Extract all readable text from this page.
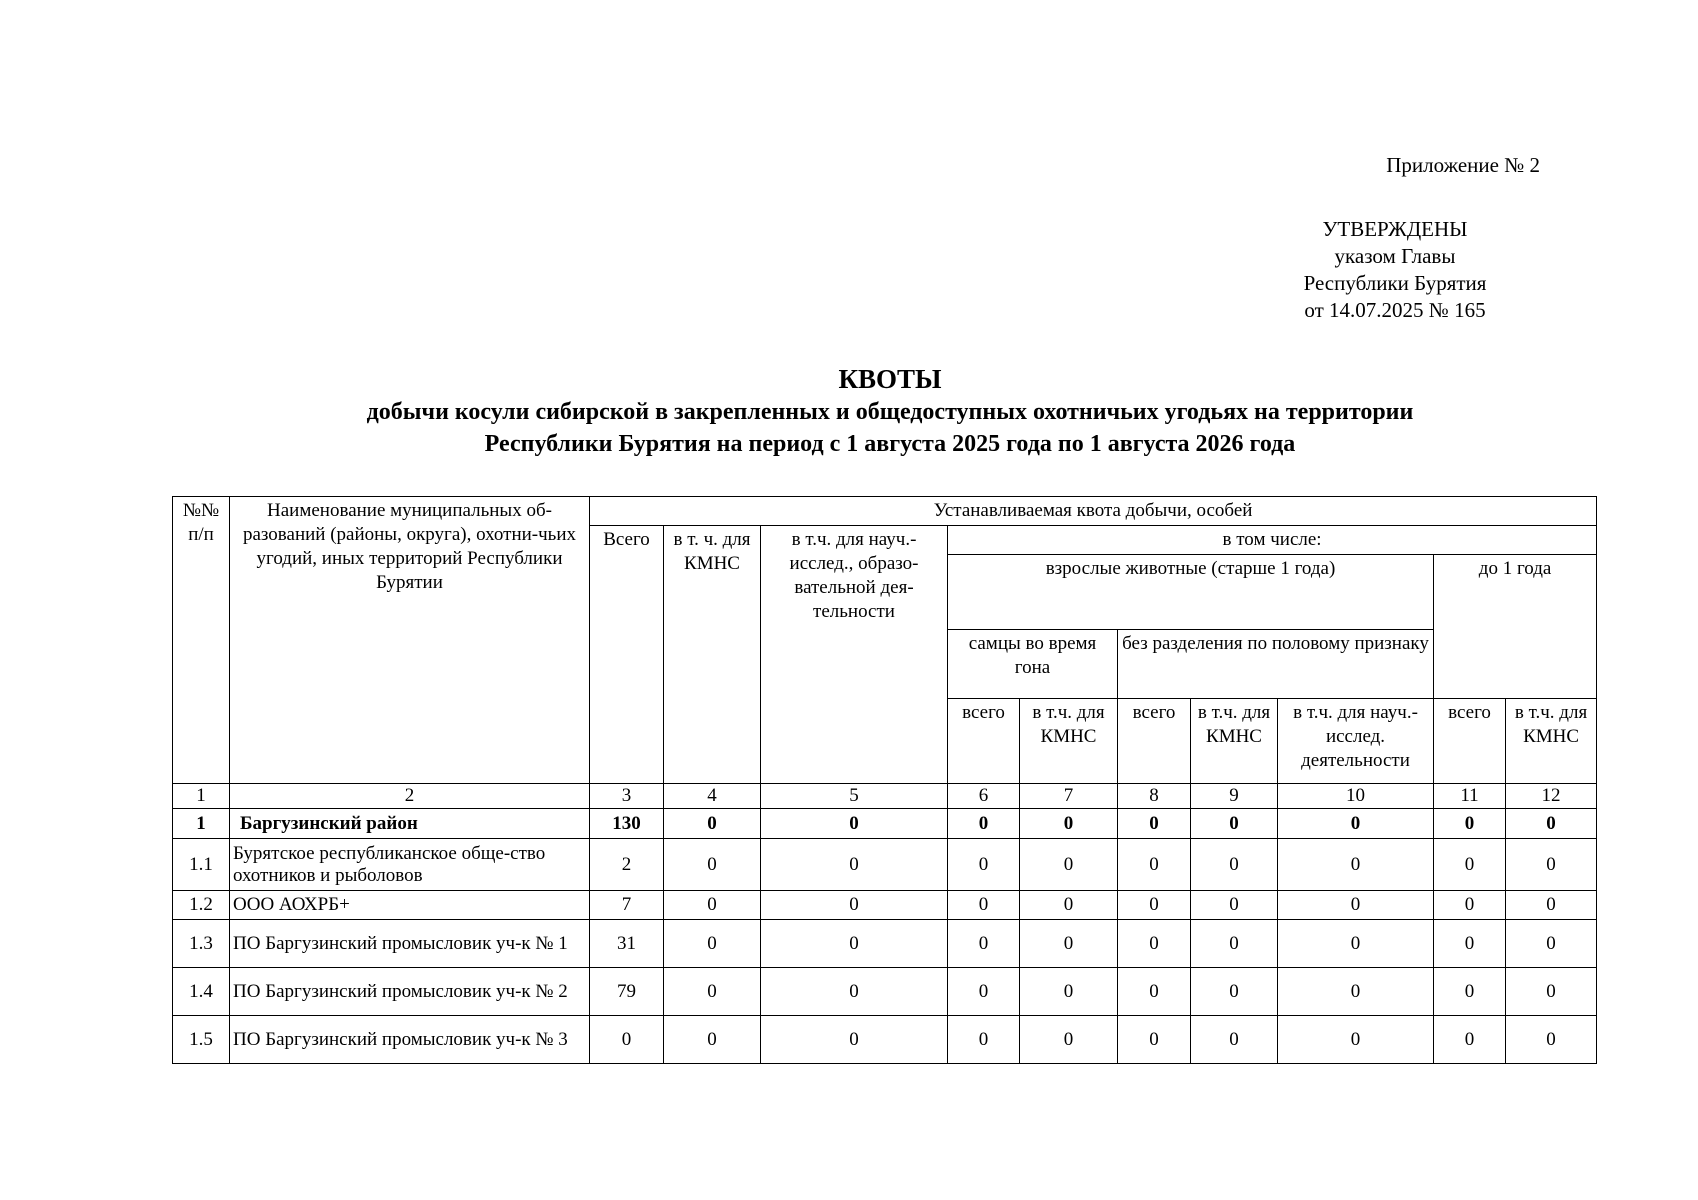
Приложение № 2
УТВЕРЖДЕНЫ
указом Главы
Республики Бурятия
от 14.07.2025 № 165
КВОТЫ
добычи косули сибирской в закрепленных и общедоступных охотничьих угодьях на территории
Республики Бурятия на период с 1 августа 2025 года по 1 августа 2026 года
№№ п/п	Наименование муниципальных об-разований (районы, округа), охотни-чьих угодий, иных территорий Республики Бурятии	Устанавливаемая квота добычи, особей									
		Всего	в т. ч. для КМНС	в т.ч. для науч.-исслед., образо-вательной дея-тельности	в том числе:						
					взрослые животные (старше 1 года)					до 1 года	
					самцы во время гона		без разделения по половому признаку				
					всего	в т.ч. для КМНС	всего	в т.ч. для КМНС	в т.ч. для науч.-исслед. деятельности	всего	в т.ч. для КМНС
1	2	3	4	5	6	7	8	9	10	11	12
1	Баргузинский район	130	0	0	0	0	0	0	0	0	0
1.1	Бурятское республиканское обще-ство охотников и рыболовов	2	0	0	0	0	0	0	0	0	0
1.2	ООО АОХРБ+	7	0	0	0	0	0	0	0	0	0
1.3	ПО Баргузинский промысловик уч-к № 1	31	0	0	0	0	0	0	0	0	0
1.4	ПО Баргузинский промысловик уч-к № 2	79	0	0	0	0	0	0	0	0	0
1.5	ПО Баргузинский промысловик уч-к № 3	0	0	0	0	0	0	0	0	0	0
